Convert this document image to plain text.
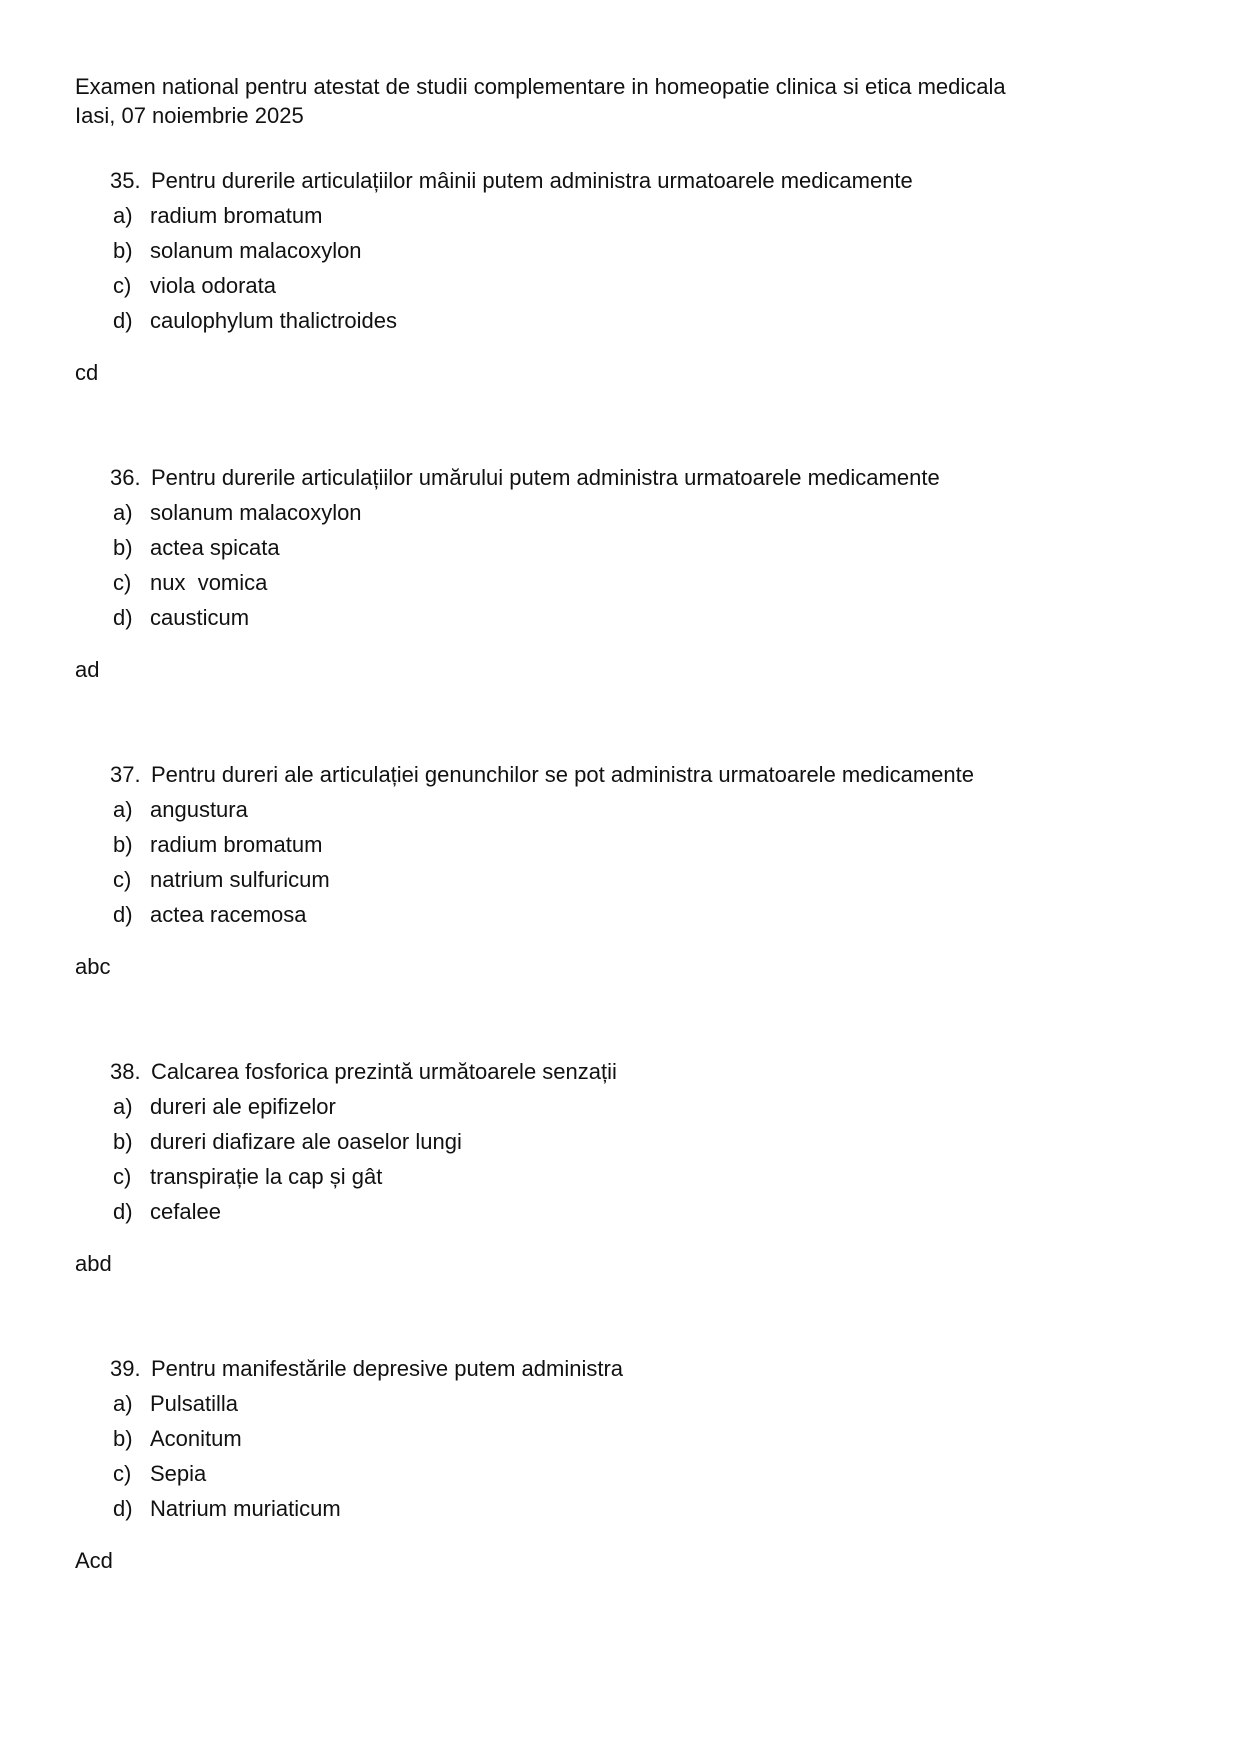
Examen national pentru atestat de studii complementare in homeopatie clinica si etica medicala
Iasi, 07 noiembrie 2025
35. Pentru durerile articulațiilor mâinii putem administra urmatoarele medicamente
a) radium bromatum
b) solanum malacoxylon
c) viola odorata
d) caulophylum thalictroides
cd
36. Pentru durerile articulațiilor umărului putem administra urmatoarele medicamente
a) solanum malacoxylon
b) actea spicata
c) nux  vomica
d) causticum
ad
37. Pentru dureri ale articulației genunchilor se pot administra urmatoarele medicamente
a) angustura
b) radium bromatum
c) natrium sulfuricum
d) actea racemosa
abc
38. Calcarea fosforica prezintă următoarele senzații
a) dureri ale epifizelor
b) dureri diafizare ale oaselor lungi
c) transpirație la cap și gât
d) cefalee
abd
39. Pentru manifestările depresive putem administra
a) Pulsatilla
b) Aconitum
c) Sepia
d) Natrium muriaticum
Acd
